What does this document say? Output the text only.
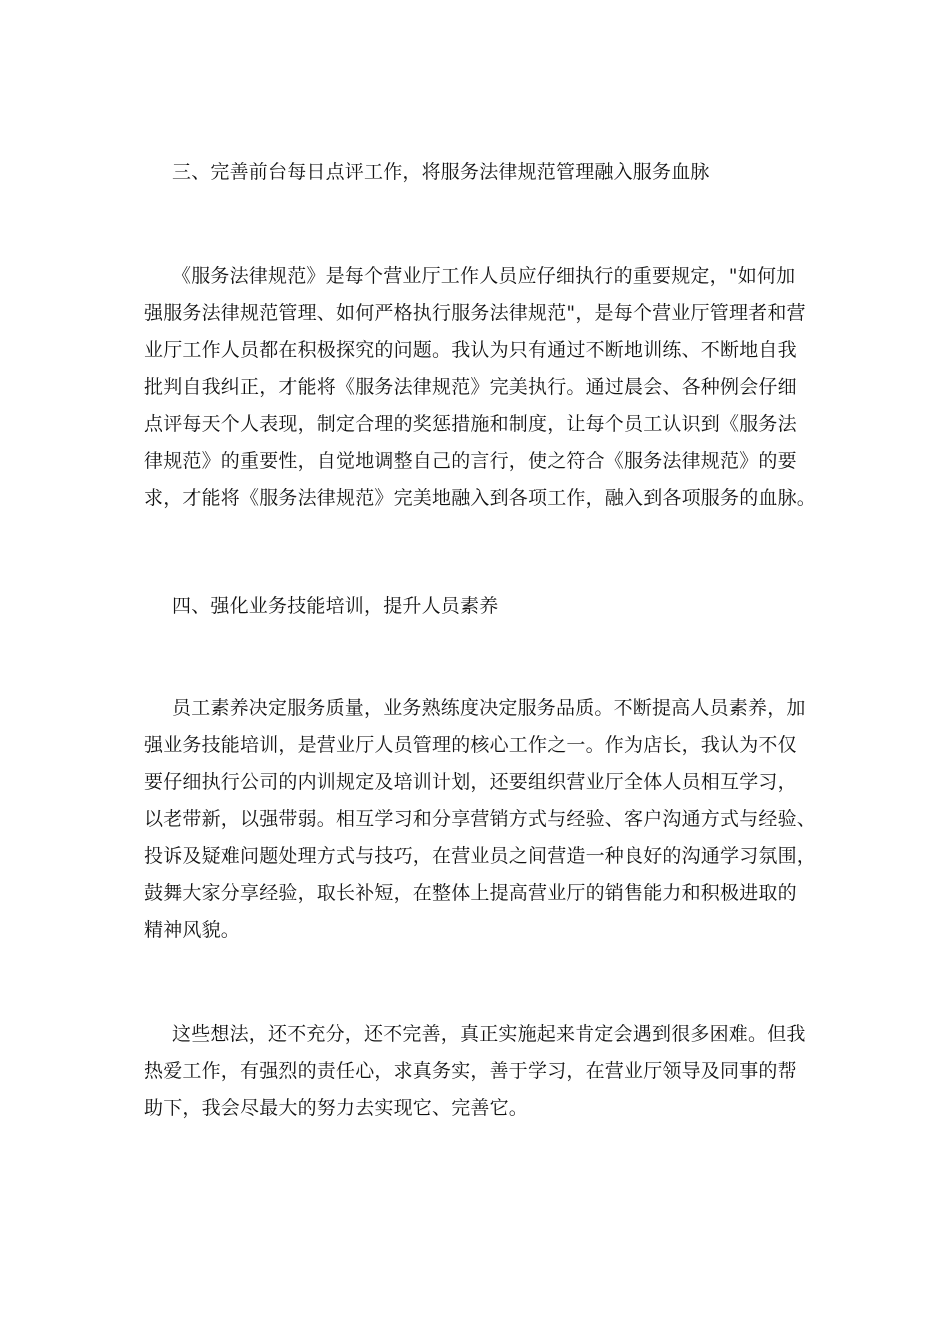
三、完善前台每日点评工作，将服务法律规范管理融入服务血脉
《服务法律规范》是每个营业厅工作人员应仔细执行的重要规定，"如何加
强服务法律规范管理、如何严格执行服务法律规范"，是每个营业厅管理者和营
业厅工作人员都在积极探究的问题。我认为只有通过不断地训练、不断地自我
批判自我纠正，才能将《服务法律规范》完美执行。通过晨会、各种例会仔细
点评每天个人表现，制定合理的奖惩措施和制度，让每个员工认识到《服务法
律规范》的重要性，自觉地调整自己的言行，使之符合《服务法律规范》的要
求，才能将《服务法律规范》完美地融入到各项工作，融入到各项服务的血脉。
四、强化业务技能培训，提升人员素养
员工素养决定服务质量，业务熟练度决定服务品质。不断提高人员素养，加
强业务技能培训，是营业厅人员管理的核心工作之一。作为店长，我认为不仅
要仔细执行公司的内训规定及培训计划，还要组织营业厅全体人员相互学习，
以老带新，以强带弱。相互学习和分享营销方式与经验、客户沟通方式与经验、
投诉及疑难问题处理方式与技巧，在营业员之间营造一种良好的沟通学习氛围，
鼓舞大家分享经验，取长补短，在整体上提高营业厅的销售能力和积极进取的
精神风貌。
这些想法，还不充分，还不完善，真正实施起来肯定会遇到很多困难。但我
热爱工作，有强烈的责任心，求真务实，善于学习，在营业厅领导及同事的帮
助下，我会尽最大的努力去实现它、完善它。
